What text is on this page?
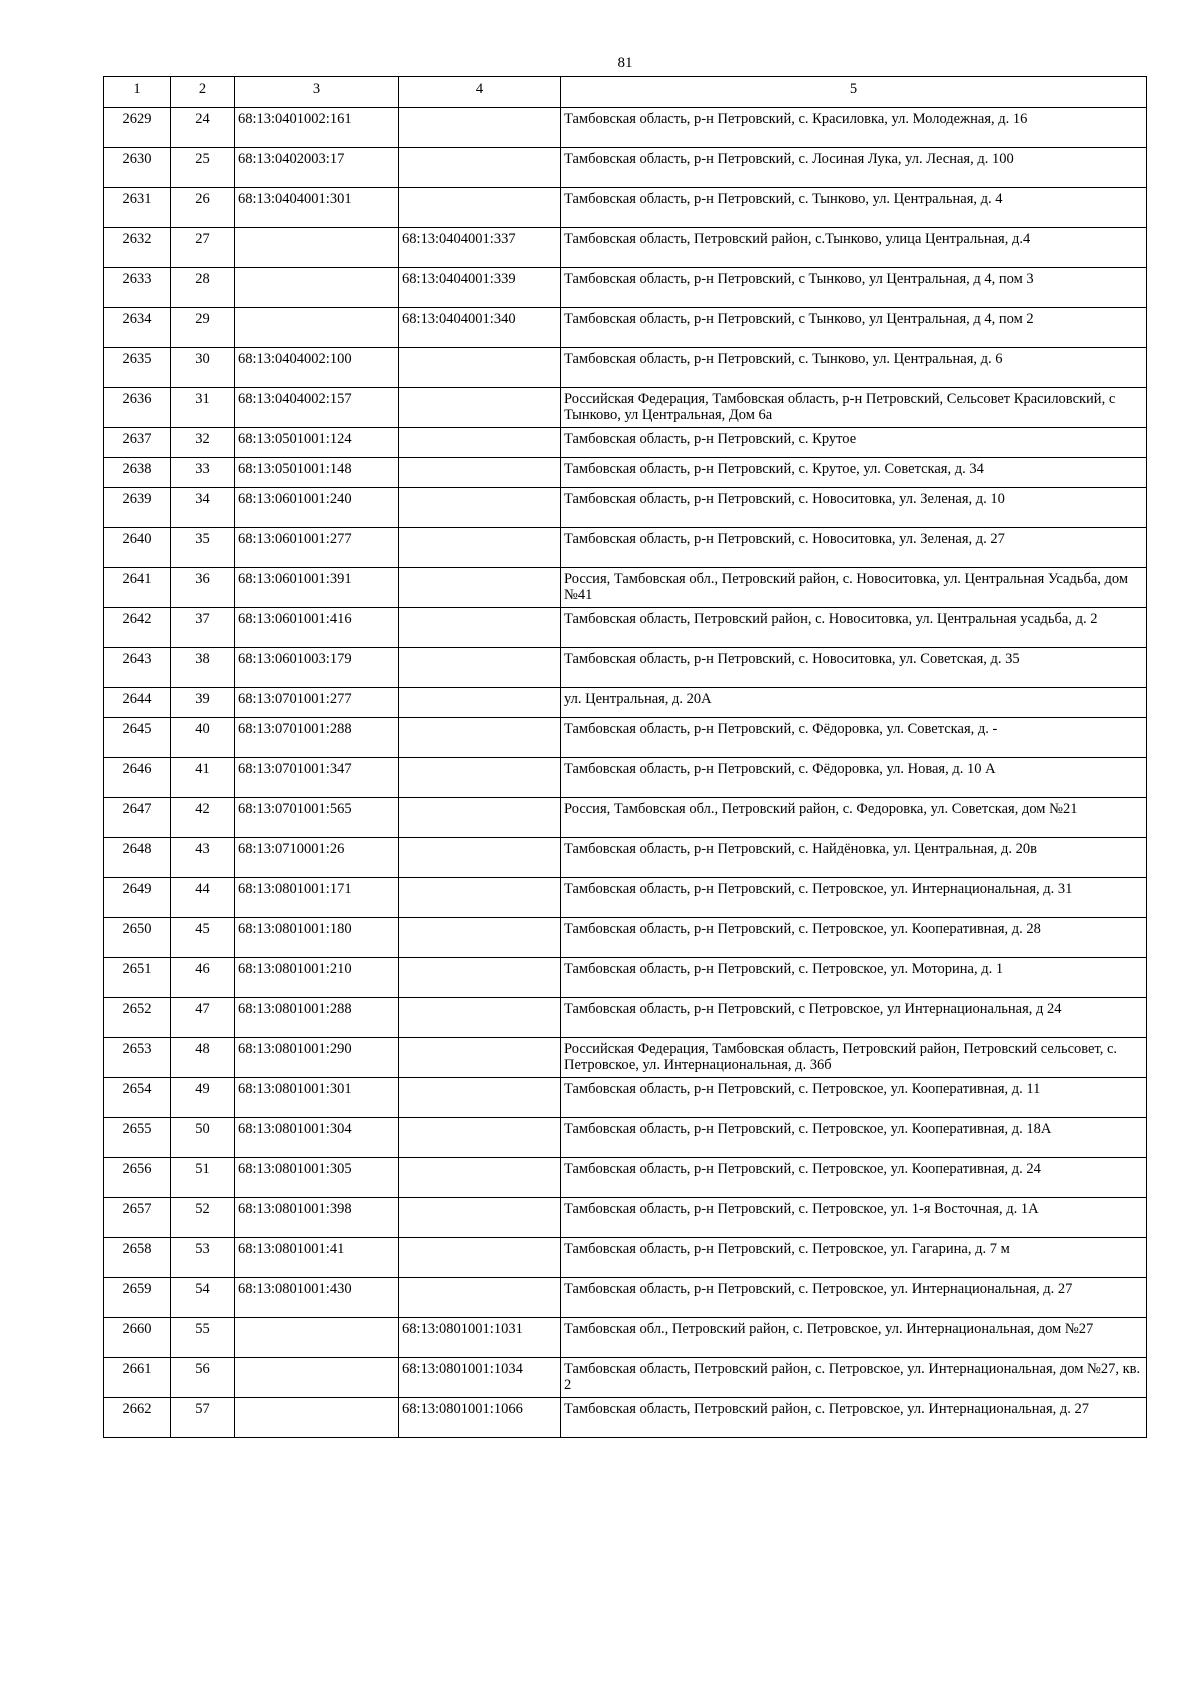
81
1	2	3	4	5
2629	24	68:13:0401002:161		Тамбовская область, р-н Петровский, с. Красиловка, ул. Молодежная, д. 16
2630	25	68:13:0402003:17		Тамбовская область, р-н Петровский, с. Лосиная Лука, ул. Лесная, д. 100
2631	26	68:13:0404001:301		Тамбовская область, р-н Петровский, с. Тынково, ул. Центральная, д. 4
2632	27		68:13:0404001:337	Тамбовская область, Петровский район, с.Тынково, улица Центральная, д.4
2633	28		68:13:0404001:339	Тамбовская область, р-н Петровский, с Тынково, ул Центральная, д 4, пом 3
2634	29		68:13:0404001:340	Тамбовская область, р-н Петровский, с Тынково, ул Центральная, д 4, пом 2
2635	30	68:13:0404002:100		Тамбовская область, р-н Петровский, с. Тынково, ул. Центральная, д. 6
2636	31	68:13:0404002:157		Российская Федерация, Тамбовская область, р-н Петровский, Сельсовет Красиловский, с Тынково, ул Центральная, Дом 6а
2637	32	68:13:0501001:124		Тамбовская область, р-н Петровский, с. Крутое
2638	33	68:13:0501001:148		Тамбовская область, р-н Петровский, с. Крутое, ул. Советская, д. 34
2639	34	68:13:0601001:240		Тамбовская область, р-н Петровский, с. Новоситовка, ул. Зеленая, д. 10
2640	35	68:13:0601001:277		Тамбовская область, р-н Петровский, с. Новоситовка, ул. Зеленая, д. 27
2641	36	68:13:0601001:391		Россия, Тамбовская обл., Петровский район, с. Новоситовка, ул. Центральная Усадьба, дом №41
2642	37	68:13:0601001:416		Тамбовская область, Петровский район, с. Новоситовка, ул. Центральная усадьба, д. 2
2643	38	68:13:0601003:179		Тамбовская область, р-н Петровский, с. Новоситовка, ул. Советская, д. 35
2644	39	68:13:0701001:277		ул. Центральная, д. 20А
2645	40	68:13:0701001:288		Тамбовская область, р-н Петровский, с. Фёдоровка, ул. Советская, д. -
2646	41	68:13:0701001:347		Тамбовская область, р-н Петровский, с. Фёдоровка, ул. Новая, д. 10 А
2647	42	68:13:0701001:565		Россия, Тамбовская обл., Петровский район, с. Федоровка, ул. Советская, дом №21
2648	43	68:13:0710001:26		Тамбовская область, р-н Петровский, с. Найдёновка, ул. Центральная, д. 20в
2649	44	68:13:0801001:171		Тамбовская область, р-н Петровский, с. Петровское, ул. Интернациональная, д. 31
2650	45	68:13:0801001:180		Тамбовская область, р-н Петровский, с. Петровское, ул. Кооперативная, д. 28
2651	46	68:13:0801001:210		Тамбовская область, р-н Петровский, с. Петровское, ул. Моторина, д. 1
2652	47	68:13:0801001:288		Тамбовская область, р-н Петровский, с Петровское, ул Интернациональная, д 24
2653	48	68:13:0801001:290		Российская Федерация, Тамбовская область, Петровский район, Петровский сельсовет, с. Петровское, ул. Интернациональная, д. 36б
2654	49	68:13:0801001:301		Тамбовская область, р-н Петровский, с. Петровское, ул. Кооперативная, д. 11
2655	50	68:13:0801001:304		Тамбовская область, р-н Петровский, с. Петровское, ул. Кооперативная, д. 18А
2656	51	68:13:0801001:305		Тамбовская область, р-н Петровский, с. Петровское, ул. Кооперативная, д. 24
2657	52	68:13:0801001:398		Тамбовская область, р-н Петровский, с. Петровское, ул. 1-я Восточная, д. 1А
2658	53	68:13:0801001:41		Тамбовская область, р-н Петровский, с. Петровское, ул. Гагарина, д. 7 м
2659	54	68:13:0801001:430		Тамбовская область, р-н Петровский, с. Петровское, ул. Интернациональная, д. 27
2660	55		68:13:0801001:1031	Тамбовская обл., Петровский район, с. Петровское, ул. Интернациональная, дом №27
2661	56		68:13:0801001:1034	Тамбовская область, Петровский район, с. Петровское, ул. Интернациональная, дом №27, кв. 2
2662	57		68:13:0801001:1066	Тамбовская область, Петровский район, с. Петровское, ул. Интернациональная, д. 27
